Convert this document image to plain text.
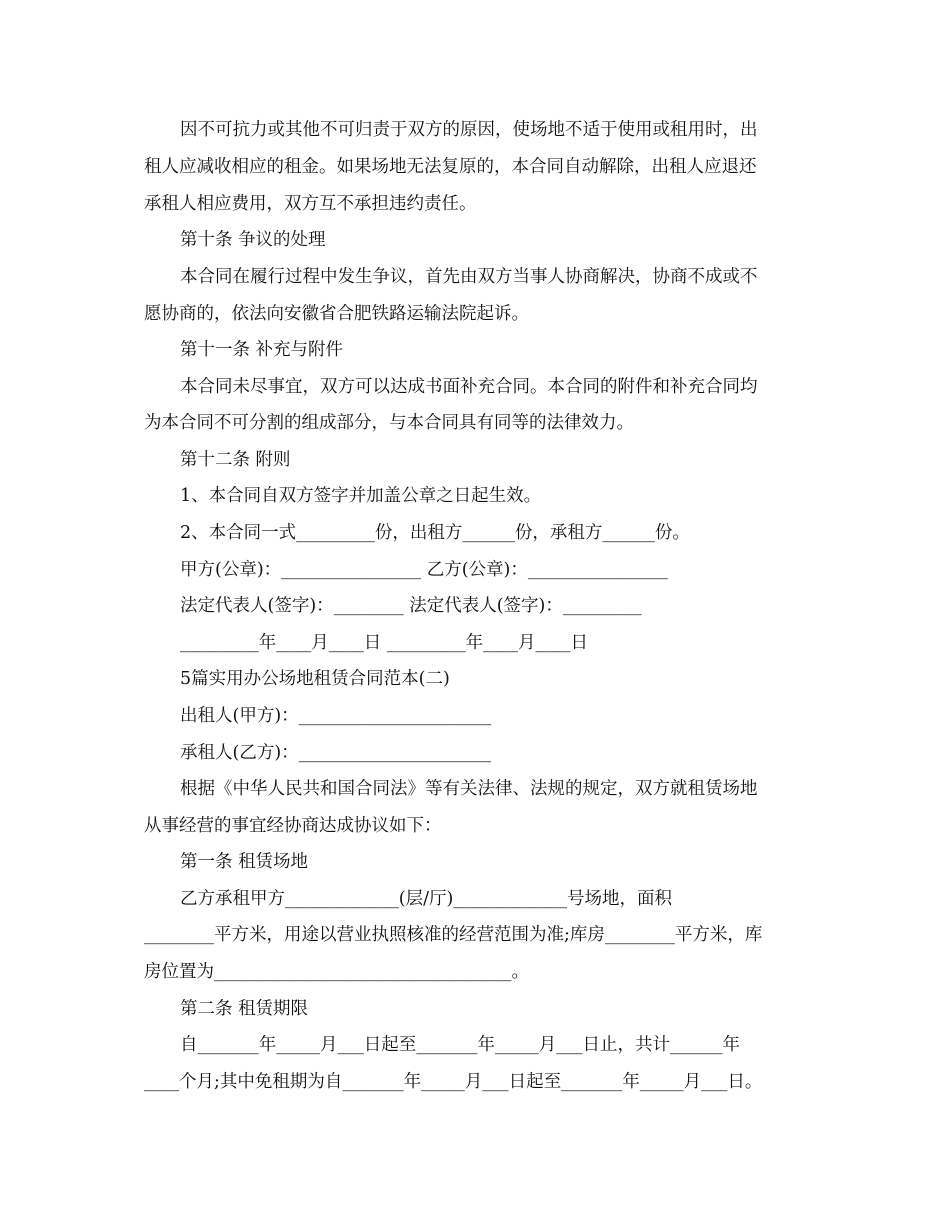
因不可抗力或其他不可归责于双方的原因，使场地不适于使用或租用时，出
租人应减收相应的租金。如果场地无法复原的，本合同自动解除，出租人应退还
承租人相应费用，双方互不承担违约责任。
第十条 争议的处理
本合同在履行过程中发生争议，首先由双方当事人协商解决，协商不成或不
愿协商的，依法向安徽省合肥铁路运输法院起诉。
第十一条 补充与附件
本合同未尽事宜，双方可以达成书面补充合同。本合同的附件和补充合同均
为本合同不可分割的组成部分，与本合同具有同等的法律效力。
第十二条 附则
1、本合同自双方签字并加盖公章之日起生效。
2、本合同一式_________份，出租方______份，承租方______份。
甲方(公章)：________________ 乙方(公章)：________________
法定代表人(签字)：________ 法定代表人(签字)：_________
_________年____月____日 _________年____月____日
5篇实用办公场地租赁合同范本(二)
出租人(甲方)：______________________
承租人(乙方)：______________________
根据《中华人民共和国合同法》等有关法律、法规的规定，双方就租赁场地
从事经营的事宜经协商达成协议如下：
第一条 租赁场地
乙方承租甲方_____________(层/厅)_____________号场地，面积
________平方米，用途以营业执照核准的经营范围为准;库房________平方米，库
房位置为__________________________________。
第二条 租赁期限
自_______年_____月___日起至_______年_____月___日止，共计______年
____个月;其中免租期为自_______年_____月___日起至_______年_____月___日。
